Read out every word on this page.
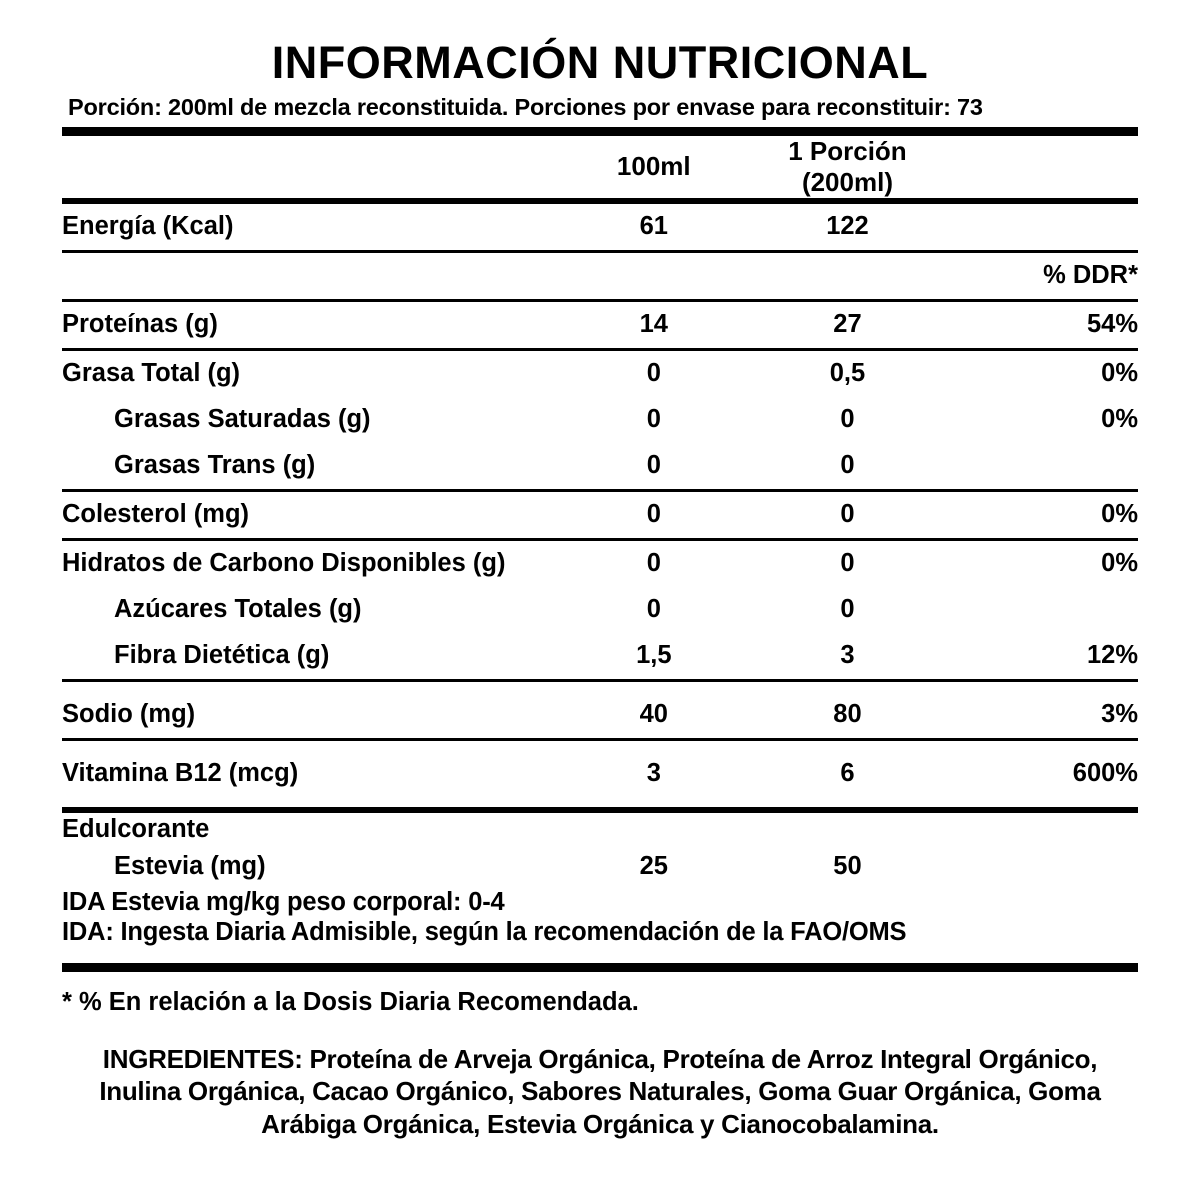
INFORMACIÓN NUTRICIONAL
Porción: 200ml de mezcla reconstituida. Porciones por envase para reconstituir: 73
	100ml	1 Porción (200ml)	

Energía (Kcal)	61	122	

			% DDR*

Proteínas (g)	14	27	54%

Grasa Total (g)	0	0,5	0%
Grasas Saturadas (g)	0	0	0%
Grasas Trans (g)	0	0	

Colesterol (mg)	0	0	0%

Hidratos de Carbono Disponibles (g)	0	0	0%
Azúcares Totales (g)	0	0	
Fibra Dietética (g)	1,5	3	12%

Sodio (mg)	40	80	3%

Vitamina B12 (mcg)	3	6	600%
Edulcorante			
Estevia (mg)	25	50	
IDA Estevia mg/kg peso corporal: 0-4
IDA: Ingesta Diaria Admisible, según la recomendación de la FAO/OMS
* % En relación a la Dosis Diaria Recomendada.
INGREDIENTES: Proteína de Arveja Orgánica, Proteína de Arroz Integral Orgánico, Inulina Orgánica, Cacao Orgánico, Sabores Naturales, Goma Guar Orgánica, Goma Arábiga Orgánica, Estevia Orgánica y Cianocobalamina.
